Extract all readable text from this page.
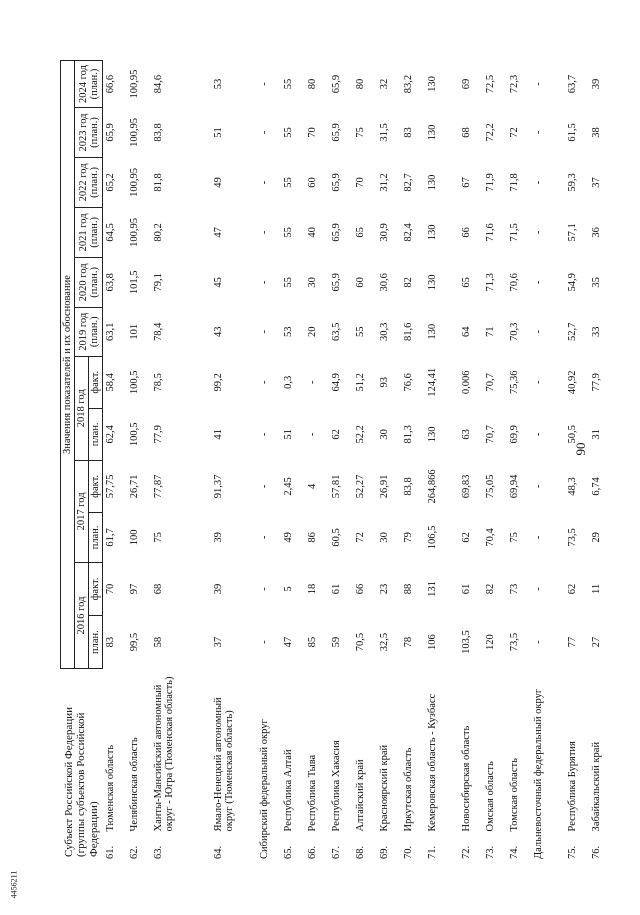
90
4456211
Субъект Российской Федерации (группы субъектов Российской Федерации)		Значения показателей и их обоснование											
		2016 год		2017 год		2018 год		2019 год (план.)	2020 год (план.)	2021 год (план.)	2022 год (план.)	2023 год (план.)	2024 год (план.)
		план.	факт.	план.	факт.	план.	факт.						
61.	Тюменская область	83	70	61,7	57,75	62,4	58,4	63,1	63,8	64,5	65,2	65,9	66,6
62.	Челябинская область	99,5	97	100	26,71	100,5	100,5	101	101,5	100,95	100,95	100,95	100,95
63.	Ханты-Мансийский автономный округ - Югра (Тюменская область)	58	68	75	77,87	77,9	78,5	78,4	79,1	80,2	81,8	83,8	84,6
64.	Ямало-Ненецкий автономный округ (Тюменская область)	37	39	39	91,37	41	99,2	43	45	47	49	51	53
Сибирский федеральный округ		-	-	-	-	-	-	-	-	-	-	-	-
65.	Республика Алтай	47	5	49	2,45	51	0,3	53	55	55	55	55	55
66.	Республика Тыва	85	18	86	4	-	-	20	30	40	60	70	80
67.	Республика Хакасия	59	61	60,5	57,81	62	64,9	63,5	65,9	65,9	65,9	65,9	65,9
68.	Алтайский край	70,5	66	72	52,27	52,2	51,2	55	60	65	70	75	80
69.	Красноярский край	32,5	23	30	26,91	30	93	30,3	30,6	30,9	31,2	31,5	32
70.	Иркутская область	78	88	79	83,8	81,3	76,6	81,6	82	82,4	82,7	83	83,2
71.	Кемеровская область - Кузбасс	106	131	106,5	264,866	130	124,41	130	130	130	130	130	130
72.	Новосибирская область	103,5	61	62	69,83	63	0,006	64	65	66	67	68	69
73.	Омская область	120	82	70,4	75,05	70,7	70,7	71	71,3	71,6	71,9	72,2	72,5
74.	Томская область	73,5	73	75	69,94	69,9	75,36	70,3	70,6	71,5	71,8	72	72,3
Дальневосточный федеральный округ		-	-	-	-	-	-	-	-	-	-	-	-
75.	Республика Бурятия	77	62	73,5	48,3	50,5	40,92	52,7	54,9	57,1	59,3	61,5	63,7
76.	Забайкальский край	27	11	29	6,74	31	77,9	33	35	36	37	38	39
